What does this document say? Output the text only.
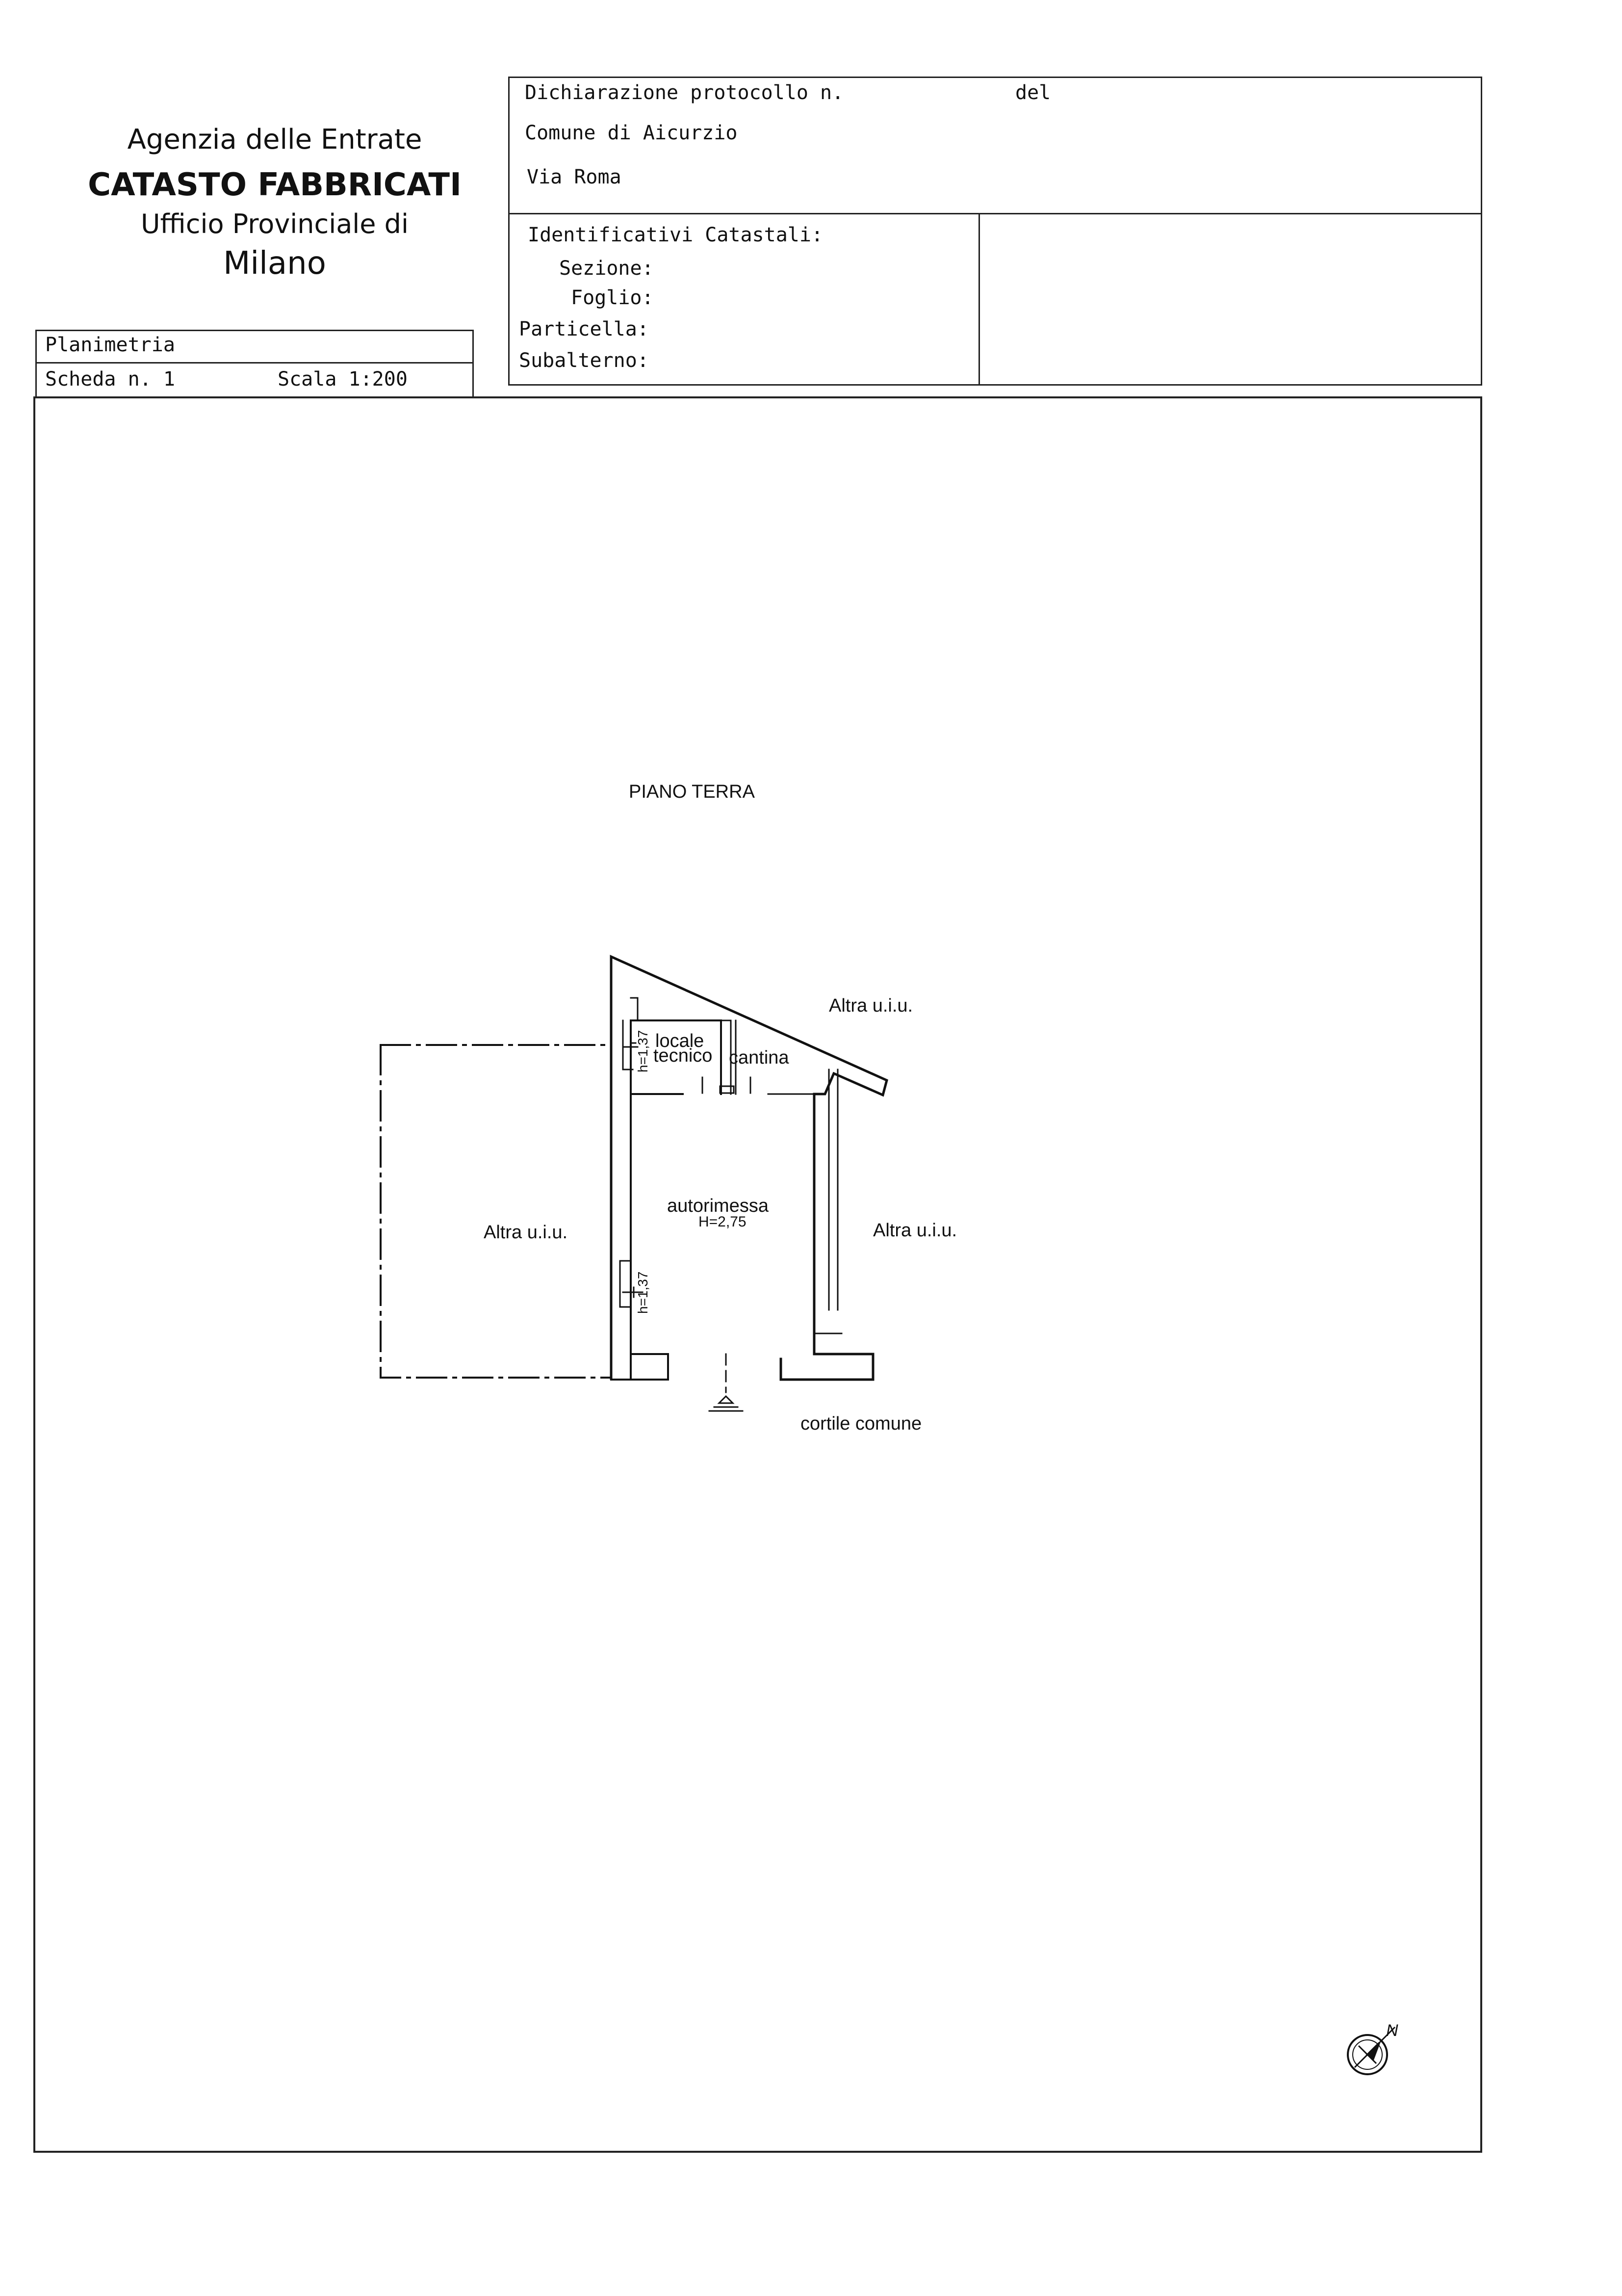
Agenzia delle Entrate
CATASTO FABBRICATI
Ufficio Provinciale di
Milano
Dichiarazione protocollo n.	del
Comune di Aicurzio
Via Roma
Identificativi Catastali:
Sezione:
Foglio:
Particella:
Subalterno:
Planimetria
Scheda n. 1	Scala 1:200
PIANO TERRA
Altra u.i.u.
Altra u.i.u.	Altra u.i.u.
locale
tecnico cantina
autorimessa
H=2,75
h=1,37
h=1,37
cortile comune
N
